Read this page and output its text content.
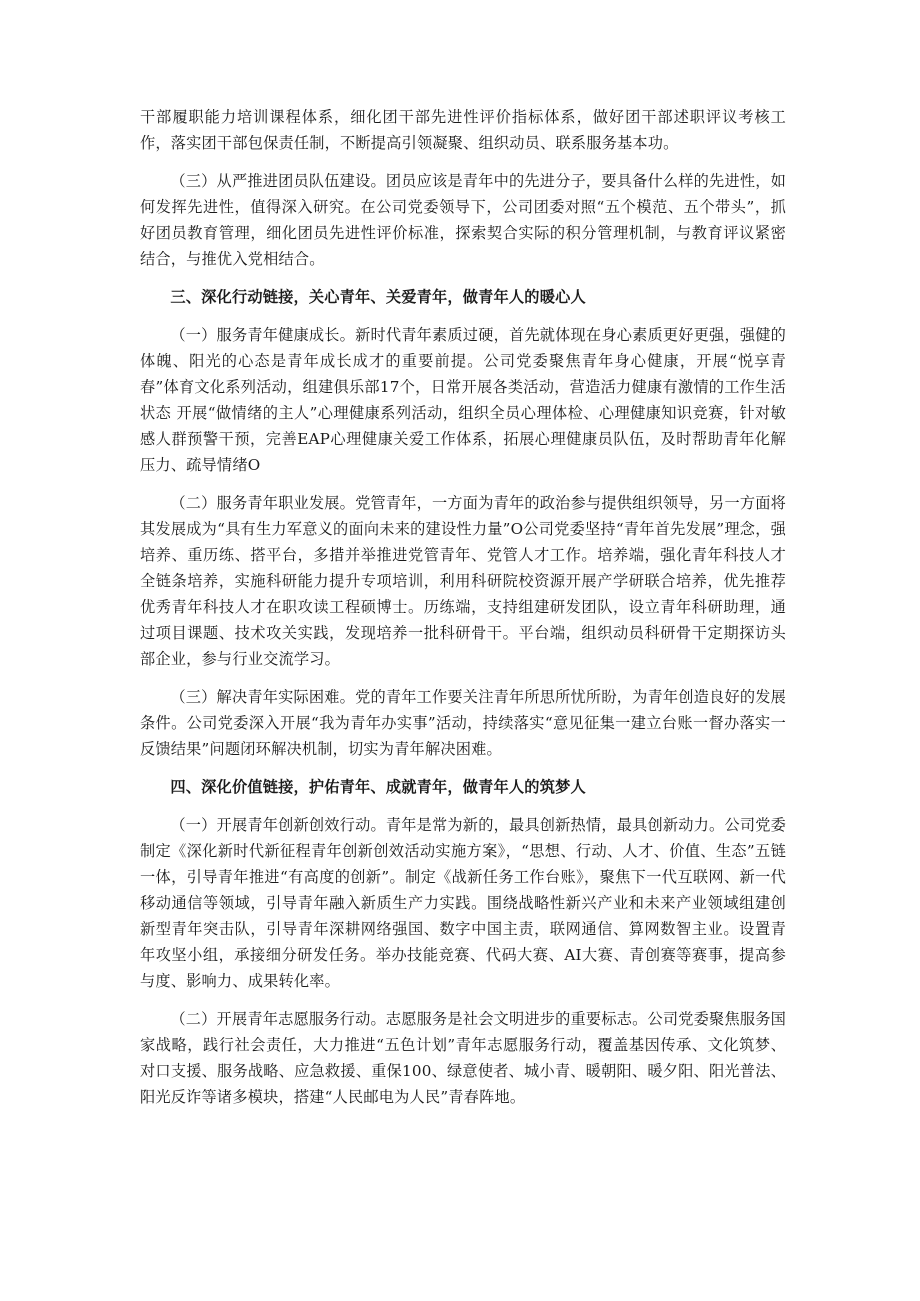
干部履职能力培训课程体系，细化团干部先进性评价指标体系，做好团干部述职评议考核工作，落实团干部包保责任制，不断提高引领凝聚、组织动员、联系服务基本功。

（三）从严推进团员队伍建设。团员应该是青年中的先进分子，要具备什么样的先进性，如何发挥先进性，值得深入研究。在公司党委领导下，公司团委对照“五个模范、五个带头”，抓好团员教育管理，细化团员先进性评价标准，探索契合实际的积分管理机制，与教育评议紧密结合，与推优入党相结合。

三、深化行动链接，关心青年、关爱青年，做青年人的暖心人

（一）服务青年健康成长。新时代青年素质过硬，首先就体现在身心素质更好更强，强健的体魄、阳光的心态是青年成长成才的重要前提。公司党委聚焦青年身心健康，开展“悦享青春”体育文化系列活动，组建俱乐部17个，日常开展各类活动，营造活力健康有激情的工作生活状态 开展“做情绪的主人”心理健康系列活动，组织全员心理体检、心理健康知识竞赛，针对敏感人群预警干预，完善EAP心理健康关爱工作体系，拓展心理健康员队伍，及时帮助青年化解压力、疏导情绪O

（二）服务青年职业发展。党管青年，一方面为青年的政治参与提供组织领导，另一方面将其发展成为“具有生力军意义的面向未来的建设性力量”O公司党委坚持“青年首先发展”理念，强培养、重历练、搭平台，多措并举推进党管青年、党管人才工作。培养端，强化青年科技人才全链条培养，实施科研能力提升专项培训，利用科研院校资源开展产学研联合培养，优先推荐优秀青年科技人才在职攻读工程硕博士。历练端，支持组建研发团队，设立青年科研助理，通过项目课题、技术攻关实践，发现培养一批科研骨干。平台端，组织动员科研骨干定期探访头部企业，参与行业交流学习。

（三）解决青年实际困难。党的青年工作要关注青年所思所忧所盼，为青年创造良好的发展条件。公司党委深入开展“我为青年办实事”活动，持续落实“意见征集一建立台账一督办落实一反馈结果”问题闭环解决机制，切实为青年解决困难。

四、深化价值链接，护佑青年、成就青年，做青年人的筑梦人

（一）开展青年创新创效行动。青年是常为新的，最具创新热情，最具创新动力。公司党委制定《深化新时代新征程青年创新创效活动实施方案》，“思想、行动、人才、价值、生态”五链一体，引导青年推进“有高度的创新”。制定《战新任务工作台账》，聚焦下一代互联网、新一代移动通信等领域，引导青年融入新质生产力实践。围绕战略性新兴产业和未来产业领域组建创新型青年突击队，引导青年深耕网络强国、数字中国主责，联网通信、算网数智主业。设置青年攻坚小组，承接细分研发任务。举办技能竞赛、代码大赛、AI大赛、青创赛等赛事，提高参与度、影响力、成果转化率。

（二）开展青年志愿服务行动。志愿服务是社会文明进步的重要标志。公司党委聚焦服务国家战略，践行社会责任，大力推进“五色计划”青年志愿服务行动，覆盖基因传承、文化筑梦、对口支援、服务战略、应急救援、重保100、绿意使者、城小青、暖朝阳、暖夕阳、阳光普法、阳光反诈等诸多模块，搭建“人民邮电为人民”青春阵地。
